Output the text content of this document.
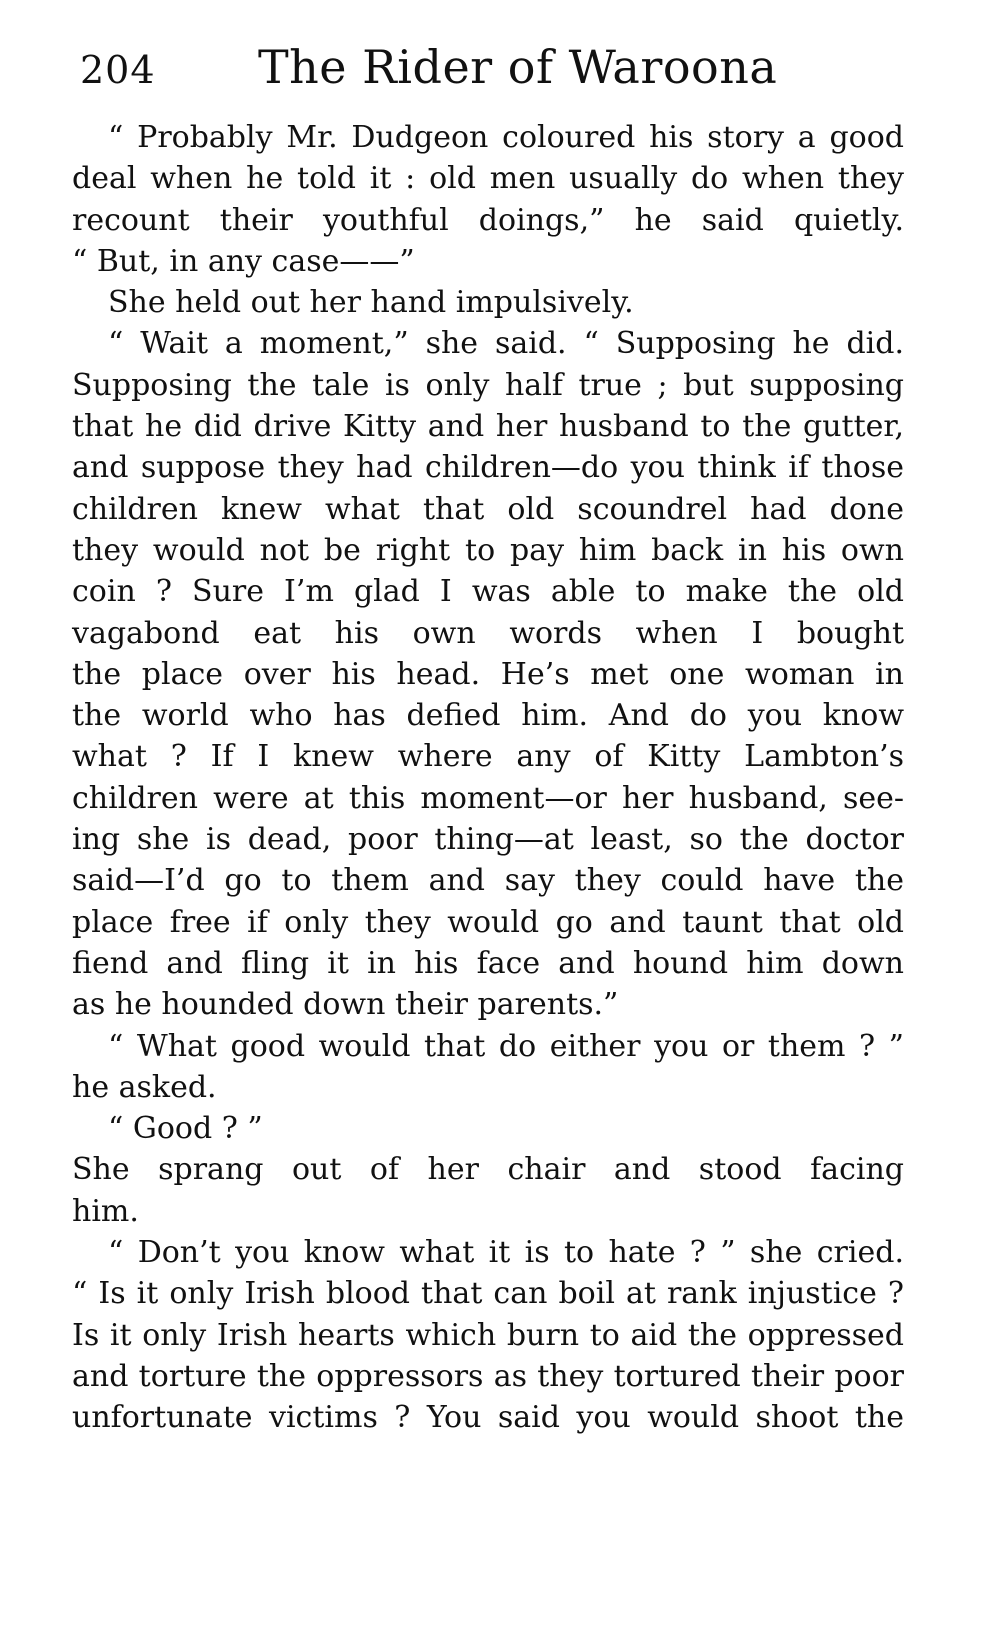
204 The Rider of Waroona
“ Probably Mr. Dudgeon coloured his story a good
deal when he told it : old men usually do when they
recount their youthful doings,” he said quietly.
“ But, in any case——”
She held out her hand impulsively.
“ Wait a moment,” she said. “ Supposing he did.
Supposing the tale is only half true ; but supposing
that he did drive Kitty and her husband to the gutter,
and suppose they had children—do you think if those
children knew what that old scoundrel had done
they would not be right to pay him back in his own
coin ? Sure I’m glad I was able to make the old
vagabond eat his own words when I bought
the place over his head. He’s met one woman in
the world who has defied him. And do you know
what ? If I knew where any of Kitty Lambton’s
children were at this moment—or her husband, see-
ing she is dead, poor thing—at least, so the doctor
said—I’d go to them and say they could have the
place free if only they would go and taunt that old
fiend and fling it in his face and hound him down
as he hounded down their parents.”
“ What good would that do either you or them ? ”
he asked.
“ Good ? ”
She sprang out of her chair and stood facing
him.
“ Don’t you know what it is to hate ? ” she cried.
“ Is it only Irish blood that can boil at rank injustice ?
Is it only Irish hearts which burn to aid the oppressed
and torture the oppressors as they tortured their poor
unfortunate victims ? You said you would shoot the
